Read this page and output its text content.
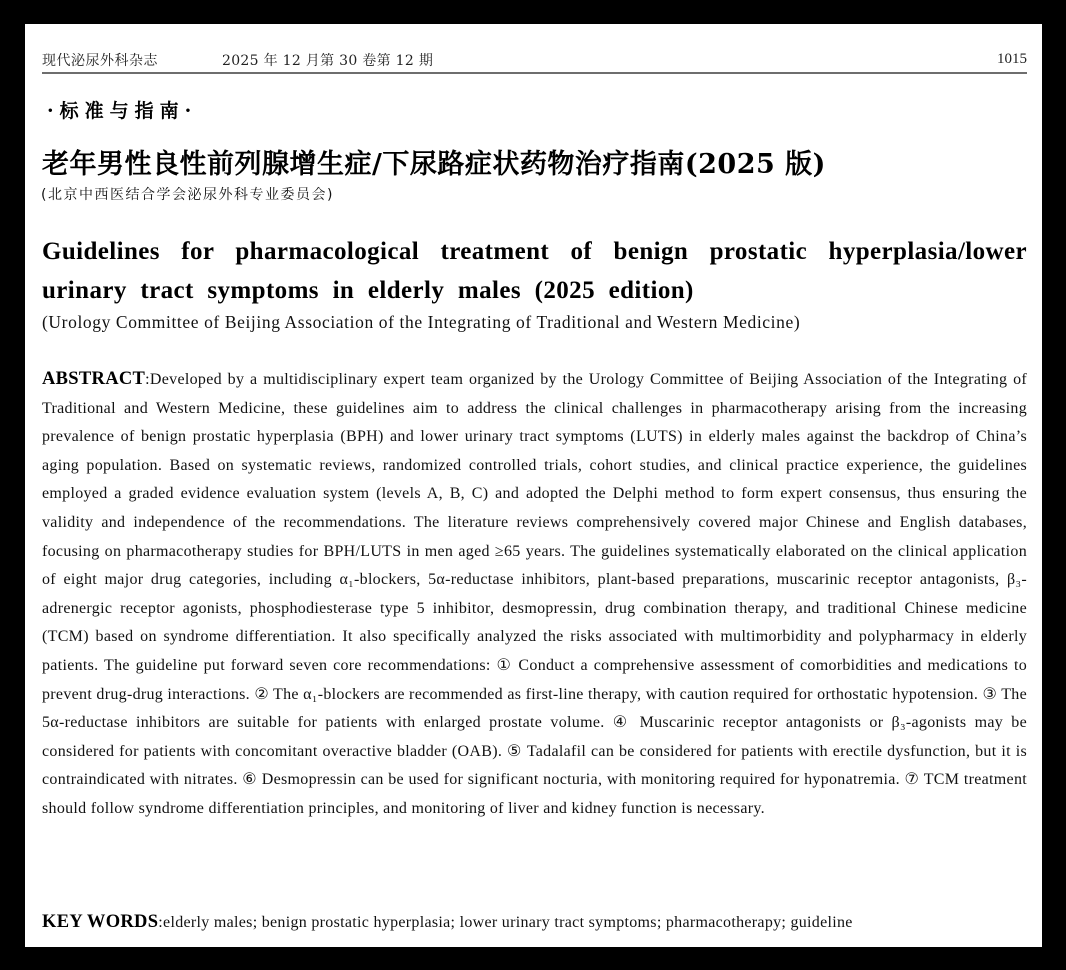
现代泌尿外科杂志	2025 年 12 月第 30 卷第 12 期	1015
·标准与指南·
老年男性良性前列腺增生症/下尿路症状药物治疗指南(2025 版)
(北京中西医结合学会泌尿外科专业委员会)
Guidelines for pharmacological treatment of benign prostatic hyperplasia/lower urinary tract symptoms in elderly males (2025 edition)
(Urology Committee of Beijing Association of the Integrating of Traditional and Western Medicine)
ABSTRACT:Developed by a multidisciplinary expert team organized by the Urology Committee of Beijing Association of the Integrating of Traditional and Western Medicine, these guidelines aim to address the clinical challenges in pharmacotherapy arising from the increasing prevalence of benign prostatic hyperplasia (BPH) and lower urinary tract symptoms (LUTS) in elderly males against the backdrop of China’s aging population. Based on systematic reviews, randomized controlled trials, cohort studies, and clinical practice experience, the guidelines employed a graded evidence evaluation system (levels A, B, C) and adopted the Delphi method to form expert consensus, thus ensuring the validity and independence of the recommendations. The literature reviews comprehensively covered major Chinese and English databases, focusing on pharmacotherapy studies for BPH/LUTS in men aged ≥65 years. The guidelines systematically elaborated on the clinical application of eight major drug categories, including α₁-blockers, 5α-reductase inhibitors, plant-based preparations, muscarinic receptor antagonists, β₃-adrenergic receptor agonists, phosphodiesterase type 5 inhibitor, desmopressin, drug combination therapy, and traditional Chinese medicine (TCM) based on syndrome differentiation. It also specifically analyzed the risks associated with multimorbidity and polypharmacy in elderly patients. The guideline put forward seven core recommendations: ① Conduct a comprehensive assessment of comorbidities and medications to prevent drug-drug interactions. ② The α₁-blockers are recommended as first-line therapy, with caution required for orthostatic hypotension. ③ The 5α-reductase inhibitors are suitable for patients with enlarged prostate volume. ④ Muscarinic receptor antagonists or β₃-agonists may be considered for patients with concomitant overactive bladder (OAB). ⑤ Tadalafil can be considered for patients with erectile dysfunction, but it is contraindicated with nitrates. ⑥ Desmopressin can be used for significant nocturia, with monitoring required for hyponatremia. ⑦ TCM treatment should follow syndrome differentiation principles, and monitoring of liver and kidney function is necessary.
KEY WORDS:elderly males; benign prostatic hyperplasia; lower urinary tract symptoms; pharmacotherapy; guideline
